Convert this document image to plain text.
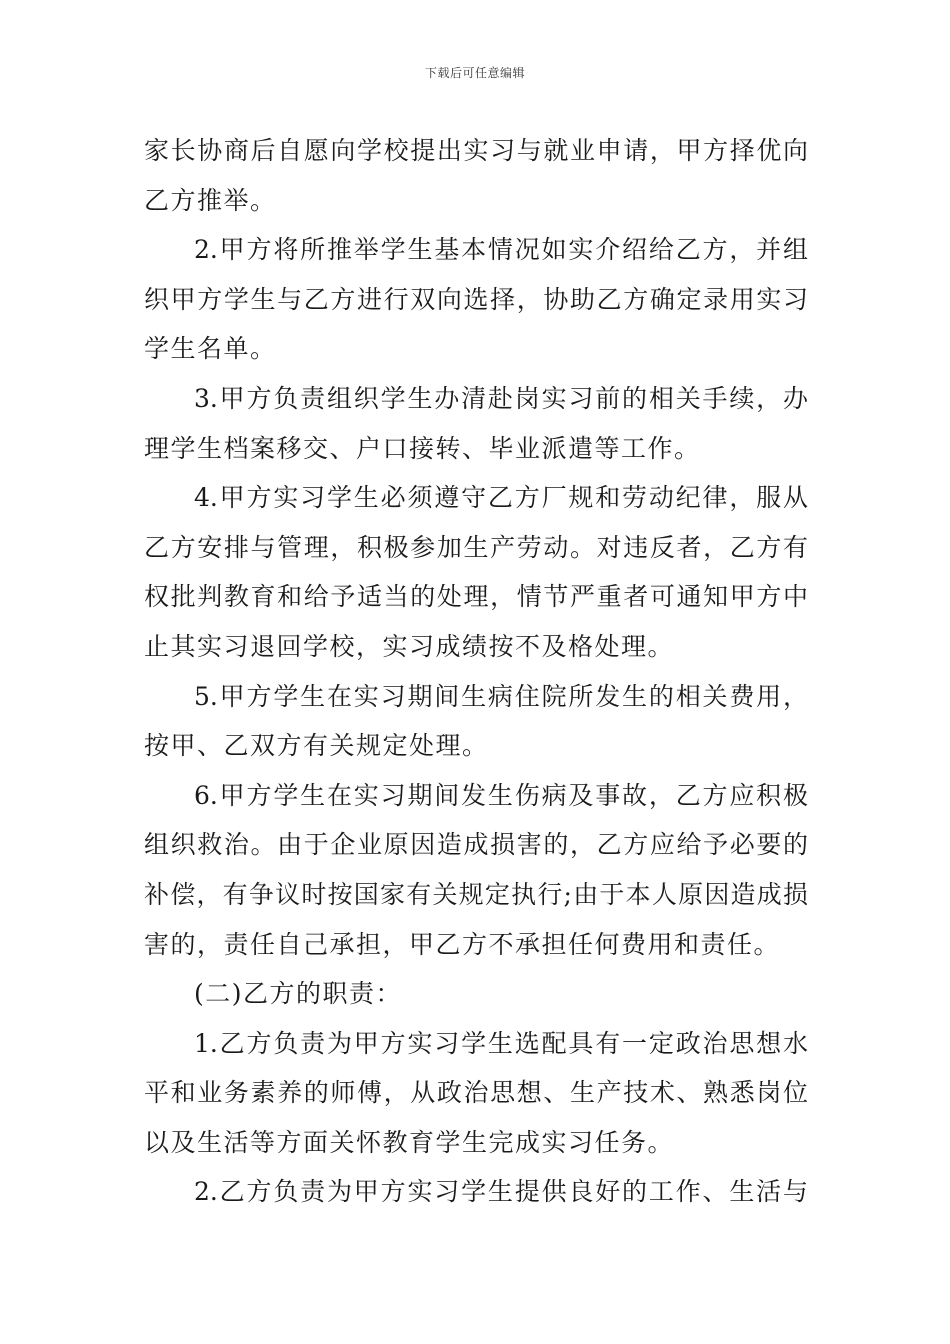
下载后可任意编辑
家长协商后自愿向学校提出实习与就业申请，甲方择优向
乙方推举。
2.甲方将所推举学生基本情况如实介绍给乙方，并组
织甲方学生与乙方进行双向选择，协助乙方确定录用实习
学生名单。
3.甲方负责组织学生办清赴岗实习前的相关手续，办
理学生档案移交、户口接转、毕业派遣等工作。
4.甲方实习学生必须遵守乙方厂规和劳动纪律，服从
乙方安排与管理，积极参加生产劳动。对违反者，乙方有
权批判教育和给予适当的处理，情节严重者可通知甲方中
止其实习退回学校，实习成绩按不及格处理。
5.甲方学生在实习期间生病住院所发生的相关费用，
按甲、乙双方有关规定处理。
6.甲方学生在实习期间发生伤病及事故，乙方应积极
组织救治。由于企业原因造成损害的，乙方应给予必要的
补偿，有争议时按国家有关规定执行;由于本人原因造成损
害的，责任自己承担，甲乙方不承担任何费用和责任。
(二)乙方的职责：
1.乙方负责为甲方实习学生选配具有一定政治思想水
平和业务素养的师傅，从政治思想、生产技术、熟悉岗位
以及生活等方面关怀教育学生完成实习任务。
2.乙方负责为甲方实习学生提供良好的工作、生活与
